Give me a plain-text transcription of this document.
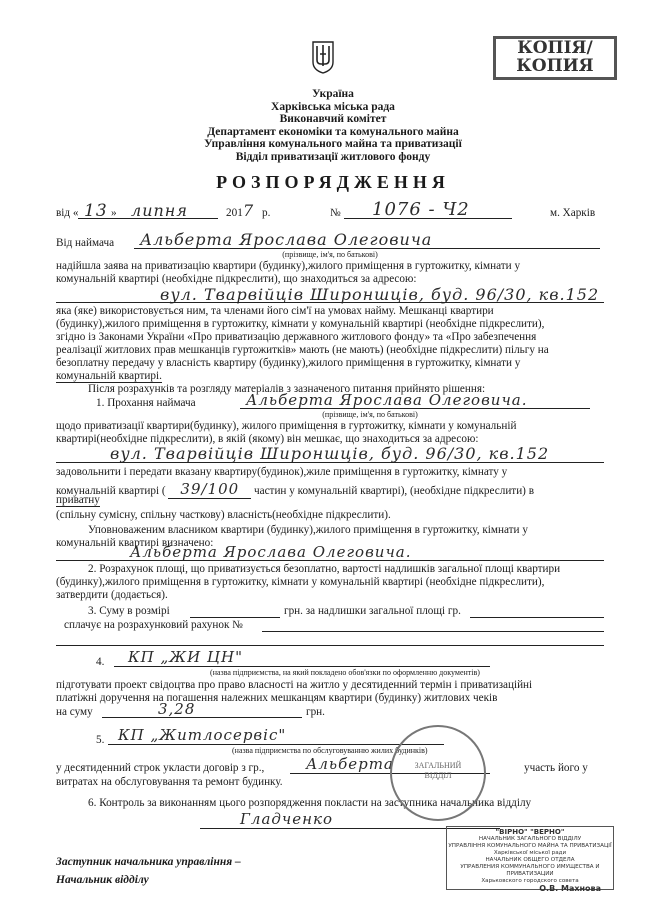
КОПІЯ/
КОПИЯ
Україна
Харківська міська рада
Виконавчий комітет
Департамент економіки та комунального майна
Управління комунального майна та приватизації
Відділ приватизації житлового фонду
РОЗПОРЯДЖЕННЯ
від « 13 » липня	201 7 р.	№ 1076 - Ч2	м. Харків
Від наймача Альберта Ярослава Олеговича
(прізвище, ім'я, по батькові)
надійшла заява на приватизацію квартири (будинку),жилого приміщення в гуртожитку, кімнати у
комунальній квартирі (необхідне підкреслити), що знаходиться за адресою:
вул. Тварвійців Широншців, буд. 96/30, кв.152
яка (яке) використовується ним, та членами його сім'ї на умовах найму. Мешканці квартири
(будинку),жилого приміщення в гуртожитку, кімнати у комунальній квартирі (необхідне підкреслити),
згідно із Законами України «Про приватизацію державного житлового фонду» та «Про забезпечення
реалізації житлових прав мешканців гуртожитків» мають (не мають) (необхідне підкреслити) пільгу на
безоплатну передачу у власність квартиру (будинку),жилого приміщення в гуртожитку, кімнати у
комунальній квартирі.
Після розрахунків та розгляду матеріалів з зазначеного питання прийнято рішення:
1. Прохання наймача	Альберта Ярослава Олеговича.
(прізвище, ім'я, по батькові)
щодо приватизації квартири(будинку), жилого приміщення в гуртожитку, кімнати у комунальній
квартирі(необхідне підкреслити), в якій (якому) він мешкає, що знаходиться за адресою:
вул. Тварвійців Широншців, буд. 96/30, кв.152
задовольнити і передати вказану квартиру(будинок),жиле приміщення в гуртожитку, кімнату у
комунальній квартирі ( 39/100 частин у комунальній квартирі), (необхідне підкреслити) в
приватну
(спільну сумісну, спільну часткову) власність(необхідне підкреслити).
Уповноваженим власником квартири (будинку),жилого приміщення в гуртожитку, кімнати у
комунальній квартирі визначено:
Альберта Ярослава Олеговича.
2. Розрахунок площі, що приватизується безоплатно, вартості надлишків загальної площі квартири
(будинку),жилого приміщення в гуртожитку, кімнати у комунальній квартирі (необхідне підкреслити),
затвердити (додається).
3. Суму в розмірі	грн. за надлишки загальної площі гр.
сплачує на розрахунковий рахунок №
4. КП „ЖИ ЦН"
(назва підприємства, на який покладено обов'язки по оформленню документів)
підготувати проект свідоцтва про право власності на житло у десятиденний термін і приватизаційні
платіжні доручення на погашення належних мешканцям квартири (будинку) житлових чеків
на суму	3,28	грн.
5. КП „Житлосервіс"
(назва підприємства по обслуговуванню жилих будинків)
у десятиденний строк укласти договір з гр.,	Альберта	участь його у
витратах на обслуговування та ремонт будинку.
6. Контроль за виконанням цього розпорядження покласти на заступника начальника відділу
Гладченко
ЗАГАЛЬНИЙ
ВІДДІЛ
Заступник начальника управління –
Начальник відділу
"ВІРНО" "ВЕРНО"
НАЧАЛЬНИК ЗАГАЛЬНОГО ВІДДІЛУ
УПРАВЛІННЯ КОМУНАЛЬНОГО МАЙНА ТА ПРИВАТИЗАЦІЇ
Харківської міської ради
НАЧАЛЬНИК ОБЩЕГО ОТДЕЛА
УПРАВЛЕНИЯ КОММУНАЛЬНОГО ИМУЩЕСТВА И ПРИВАТИЗАЦИИ
Харьковского городского совета
О.В. Махнова
